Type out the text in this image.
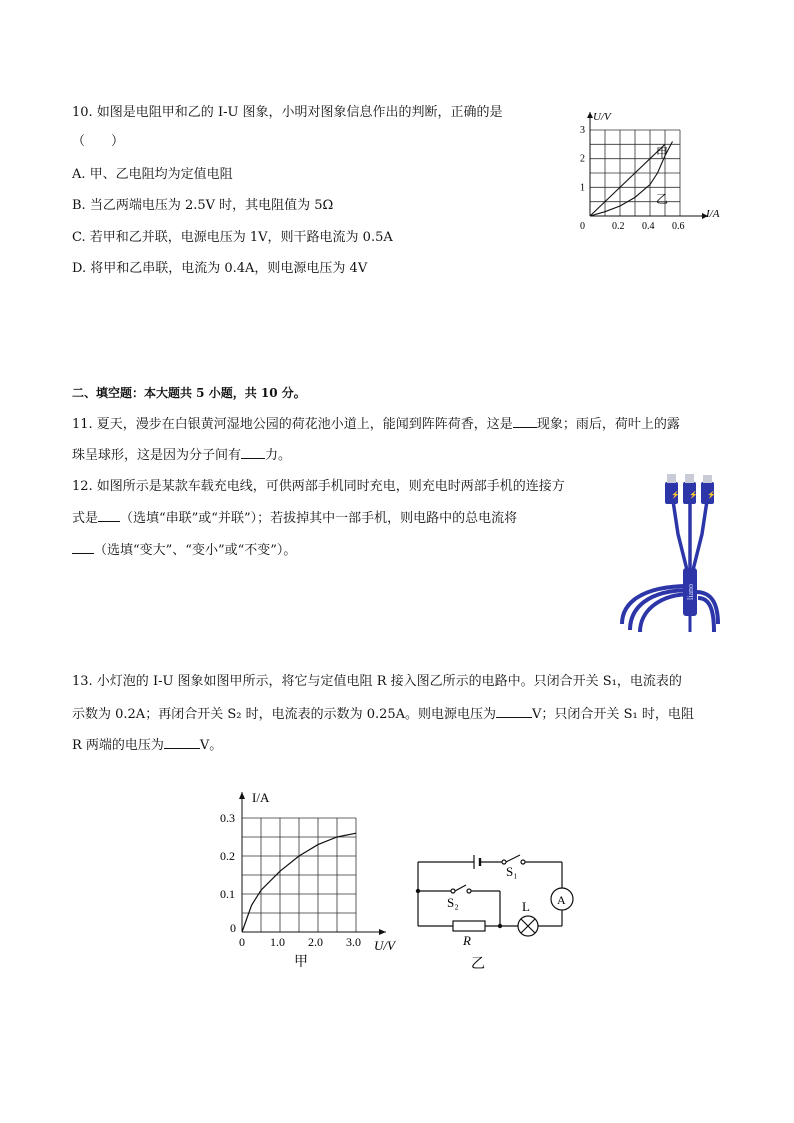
10. 如图是电阻甲和乙的 I-U 图象，小明对图象信息作出的判断，正确的是
（　　）
A. 甲、乙电阻均为定值电阻
B. 当乙两端电压为 2.5V 时，其电阻值为 5Ω
C. 若甲和乙并联，电源电压为 1V，则干路电流为 0.5A
D. 将甲和乙串联，电流为 0.4A，则电源电压为 4V
甲
乙
0	0.2 0.4 0.6
1
2
3
U/V
I/A
二、填空题：本大题共 5 小题，共 10 分。
11. 夏天，漫步在白银黄河湿地公园的荷花池小道上，能闻到阵阵荷香，这是 现象；雨后，荷叶上的露
珠呈球形，这是因为分子间有 力。
12. 如图所示是某款车载充电线，可供两部手机同时充电，则充电时两部手机的连接方
式是 （选填“串联”或“并联”）；若拔掉其中一部手机，则电路中的总电流将
（选填“变大”、“变小”或“不变”）。
⚡ ⚡ ⚡
liano
13. 小灯泡的 I-U 图象如图甲所示，将它与定值电阻 R 接入图乙所示的电路中。只闭合开关 S₁，电流表的
示数为 0.2A；再闭合开关 S₂ 时，电流表的示数为 0.25A。则电源电压为	V；只闭合开关 S₁ 时，电阻
R 两端的电压为	V。
0 1.0 2.0 3.0
0
0.1
0.2
0.3
I/A
U/V
甲
S₁
S₂
R
L A
乙
